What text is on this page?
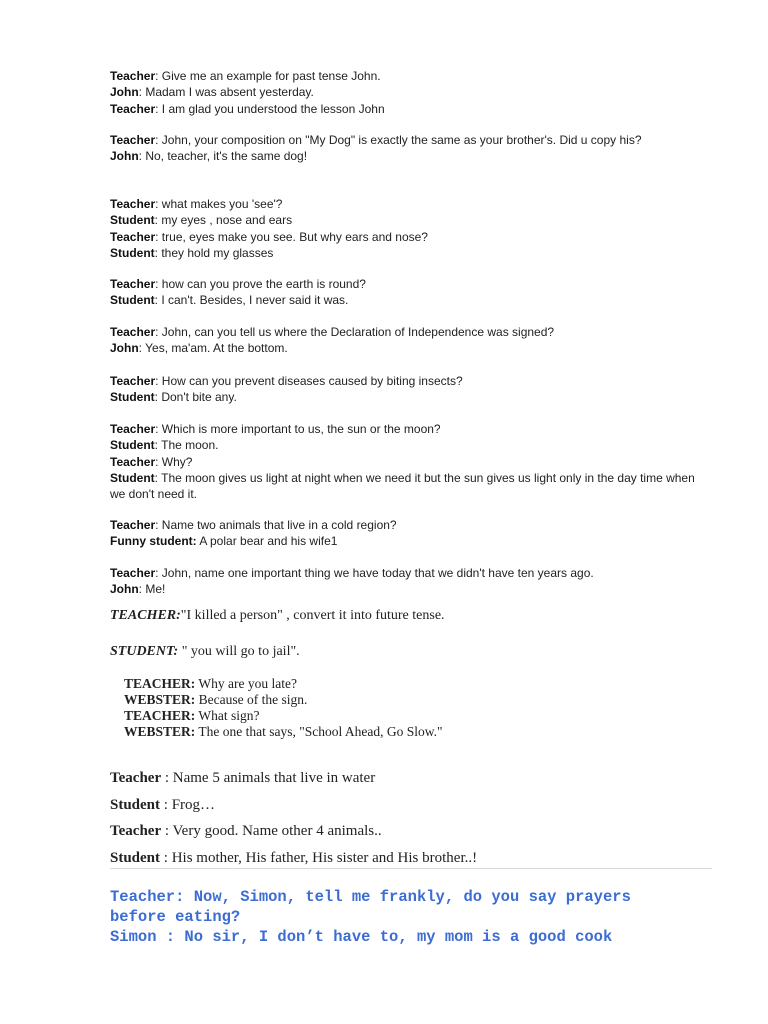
Teacher: Give me an example for past tense John.
John: Madam I was absent yesterday.
Teacher: I am glad you understood the lesson John
Teacher: John, your composition on "My Dog" is exactly the same as your brother's. Did u copy his?
John: No, teacher, it's the same dog!
Teacher: what makes you 'see'?
Student: my eyes , nose and ears
Teacher: true, eyes make you see. But why ears and nose?
Student: they hold my glasses
Teacher: how can you prove the earth is round?
Student: I can't. Besides, I never said it was.
Teacher: John, can you tell us where the Declaration of Independence was signed?
John: Yes, ma'am. At the bottom.
Teacher: How can you prevent diseases caused by biting insects?
Student: Don't bite any.
Teacher: Which is more important to us, the sun or the moon?
Student: The moon.
Teacher: Why?
Student: The moon gives us light at night when we need it but the sun gives us light only in the day time when we don't need it.
Teacher: Name two animals that live in a cold region?
Funny student: A polar bear and his wife1
Teacher: John, name one important thing we have today that we didn't have ten years ago.
John: Me!
TEACHER:"I killed a person" , convert it into future tense.
STUDENT: " you will go to jail".
TEACHER: Why are you late?
WEBSTER: Because of the sign.
TEACHER: What sign?
WEBSTER: The one that says, "School Ahead, Go Slow."
Teacher : Name 5 animals that live in water
Student : Frog…
Teacher : Very good. Name other 4 animals..
Student : His mother, His father, His sister and His brother..!
Teacher: Now, Simon, tell me frankly, do you say prayers
before eating?
Simon : No sir, I don’t have to, my mom is a good cook
